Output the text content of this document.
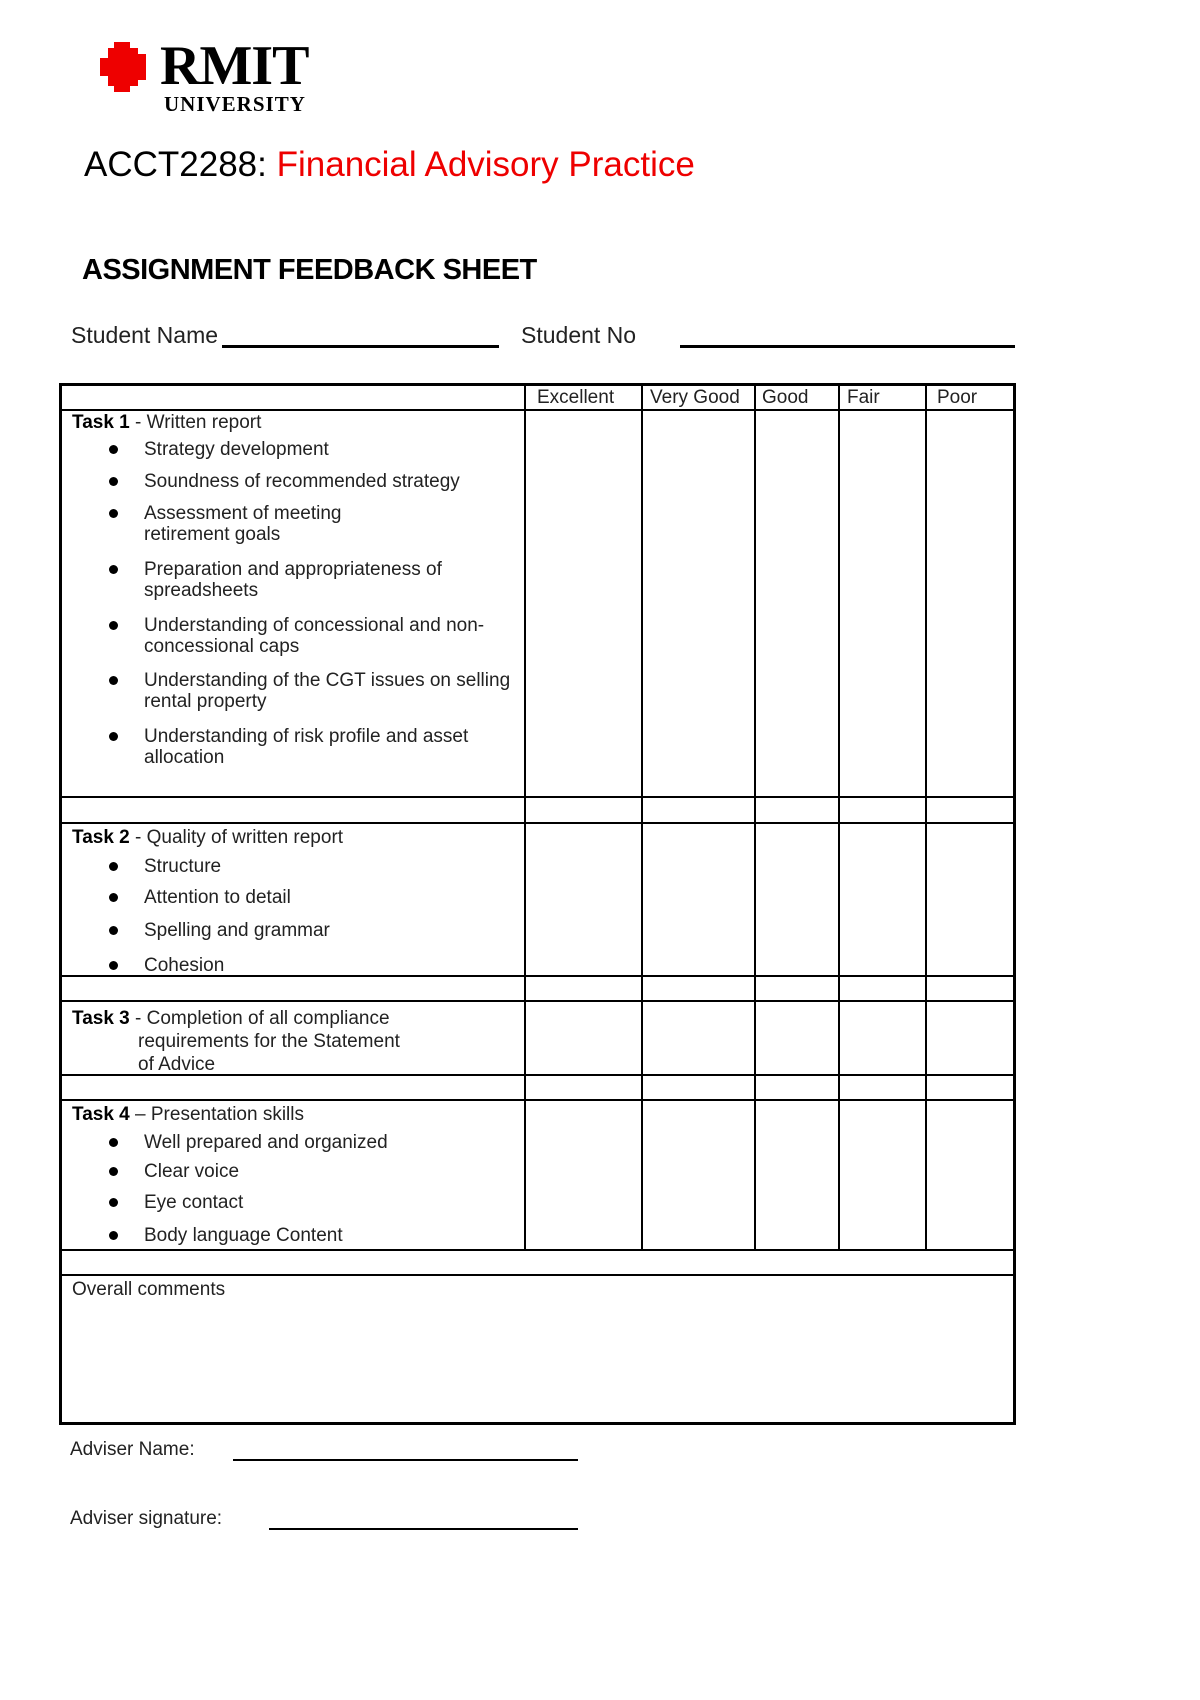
RMIT
UNIVERSITY
ACCT2288: Financial Advisory Practice
ASSIGNMENT FEEDBACK SHEET
Student Name	Student No
Excellent Very Good Good Fair	Poor
Task 1 - Written report
Strategy development
Soundness of recommended strategy
Assessment of meeting retirement goals
Preparation and appropriateness of spreadsheets
Understanding of concessional and non-concessional caps
Understanding of the CGT issues on selling rental property
Understanding of risk profile and asset allocation
Task 2 - Quality of written report
Structure
Attention to detail
Spelling and grammar
Cohesion
Task 3 - Completion of all compliance
requirements for the Statement
of Advice
Task 4 – Presentation skills
Well prepared and organized
Clear voice
Eye contact
Body language Content
Overall comments
Adviser Name:
Adviser signature:
